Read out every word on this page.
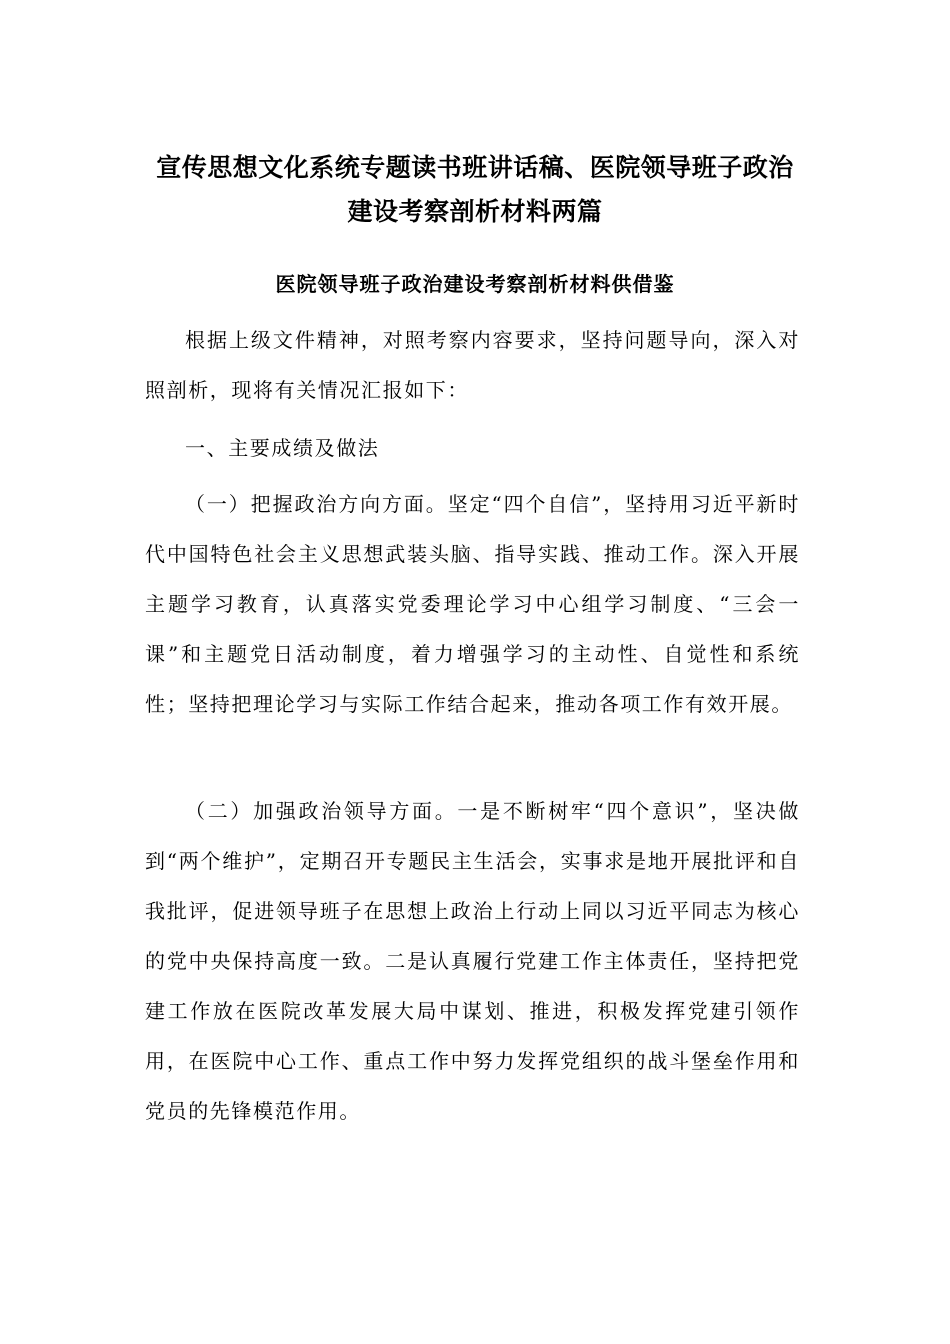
宣传思想文化系统专题读书班讲话稿、医院领导班子政治建设考察剖析材料两篇
医院领导班子政治建设考察剖析材料供借鉴

根据上级文件精神，对照考察内容要求，坚持问题导向，深入对照剖析，现将有关情况汇报如下：

一、主要成绩及做法

（一）把握政治方向方面。坚定“四个自信”，坚持用习近平新时代中国特色社会主义思想武装头脑、指导实践、推动工作。深入开展主题学习教育，认真落实党委理论学习中心组学习制度、“三会一课”和主题党日活动制度，着力增强学习的主动性、自觉性和系统性；坚持把理论学习与实际工作结合起来，推动各项工作有效开展。

（二）加强政治领导方面。一是不断树牢“四个意识”，坚决做到“两个维护”，定期召开专题民主生活会，实事求是地开展批评和自我批评，促进领导班子在思想上政治上行动上同以习近平同志为核心的党中央保持高度一致。二是认真履行党建工作主体责任，坚持把党建工作放在医院改革发展大局中谋划、推进，积极发挥党建引领作用，在医院中心工作、重点工作中努力发挥党组织的战斗堡垒作用和党员的先锋模范作用。
